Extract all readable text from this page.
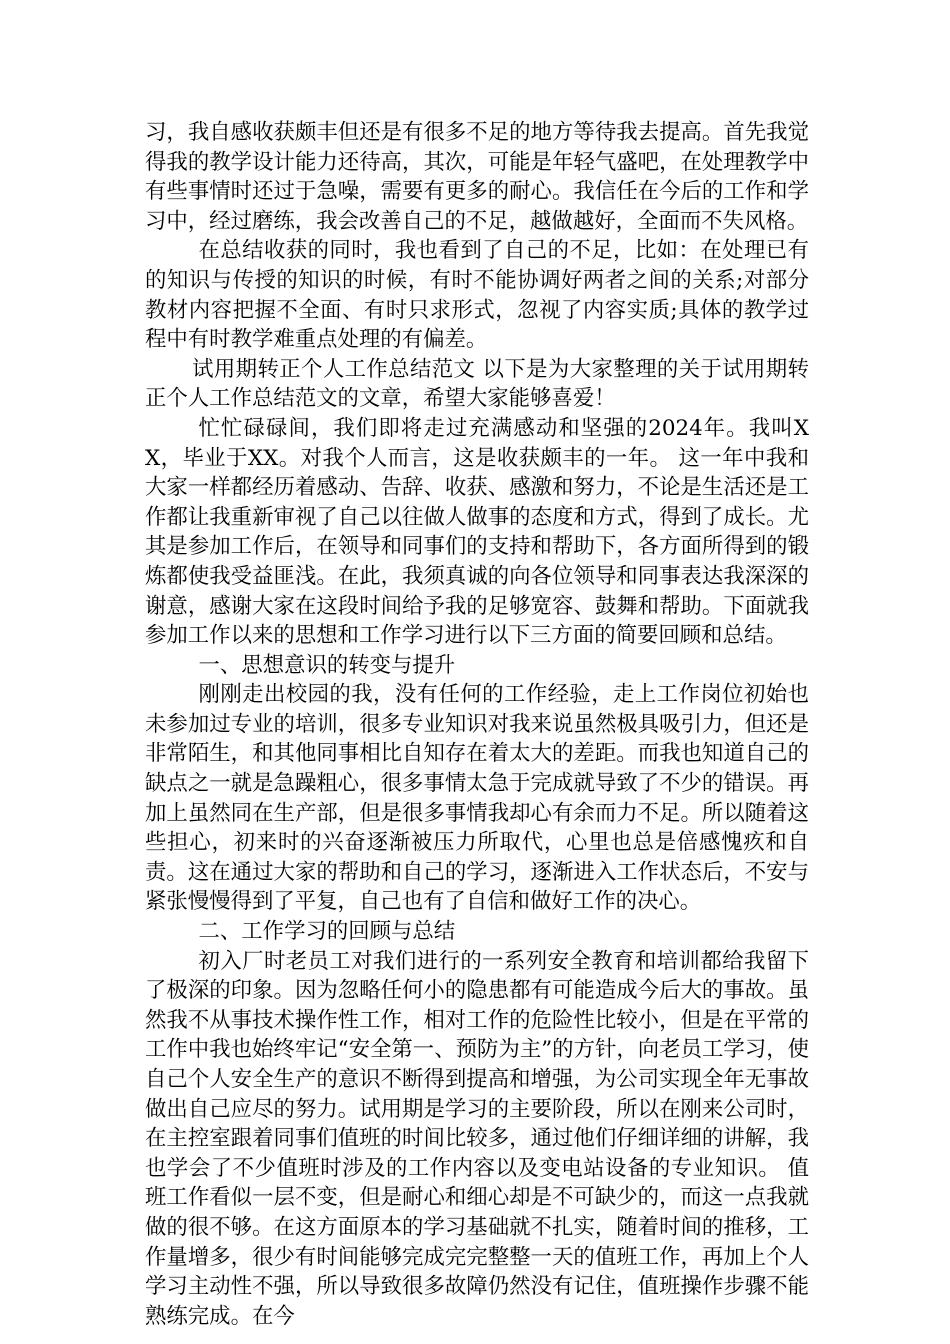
习，我自感收获颇丰但还是有很多不足的地方等待我去提高。首先我觉得我的教学设计能力还待高，其次，可能是年轻气盛吧，在处理教学中有些事情时还过于急噪，需要有更多的耐心。我信任在今后的工作和学习中，经过磨练，我会改善自己的不足，越做越好，全面而不失风格。

在总结收获的同时，我也看到了自己的不足，比如：在处理已有的知识与传授的知识的时候，有时不能协调好两者之间的关系;对部分教材内容把握不全面、有时只求形式，忽视了内容实质;具体的教学过程中有时教学难重点处理的有偏差。

试用期转正个人工作总结范文 以下是为大家整理的关于试用期转正个人工作总结范文的文章，希望大家能够喜爱！

忙忙碌碌间，我们即将走过充满感动和坚强的2024年。我叫XX，毕业于XX。对我个人而言，这是收获颇丰的一年。 这一年中我和大家一样都经历着感动、告辞、收获、感激和努力，不论是生活还是工作都让我重新审视了自己以往做人做事的态度和方式，得到了成长。尤其是参加工作后，在领导和同事们的支持和帮助下，各方面所得到的锻炼都使我受益匪浅。在此，我须真诚的向各位领导和同事表达我深深的谢意，感谢大家在这段时间给予我的足够宽容、鼓舞和帮助。下面就我参加工作以来的思想和工作学习进行以下三方面的简要回顾和总结。

一、思想意识的转变与提升

刚刚走出校园的我，没有任何的工作经验，走上工作岗位初始也未参加过专业的培训，很多专业知识对我来说虽然极具吸引力，但还是非常陌生，和其他同事相比自知存在着太大的差距。而我也知道自己的缺点之一就是急躁粗心，很多事情太急于完成就导致了不少的错误。再加上虽然同在生产部，但是很多事情我却心有余而力不足。所以随着这些担心，初来时的兴奋逐渐被压力所取代，心里也总是倍感愧疚和自责。这在通过大家的帮助和自己的学习，逐渐进入工作状态后，不安与紧张慢慢得到了平复，自己也有了自信和做好工作的决心。

二、工作学习的回顾与总结

初入厂时老员工对我们进行的一系列安全教育和培训都给我留下了极深的印象。因为忽略任何小的隐患都有可能造成今后大的事故。虽然我不从事技术操作性工作，相对工作的危险性比较小，但是在平常的工作中我也始终牢记“安全第一、预防为主”的方针，向老员工学习，使自己个人安全生产的意识不断得到提高和增强，为公司实现全年无事故做出自己应尽的努力。试用期是学习的主要阶段，所以在刚来公司时，在主控室跟着同事们值班的时间比较多，通过他们仔细详细的讲解，我也学会了不少值班时涉及的工作内容以及变电站设备的专业知识。 值班工作看似一层不变，但是耐心和细心却是不可缺少的，而这一点我就做的很不够。在这方面原本的学习基础就不扎实，随着时间的推移，工作量增多，很少有时间能够完成完完整整一天的值班工作，再加上个人学习主动性不强，所以导致很多故障仍然没有记住，值班操作步骤不能熟练完成。在今
